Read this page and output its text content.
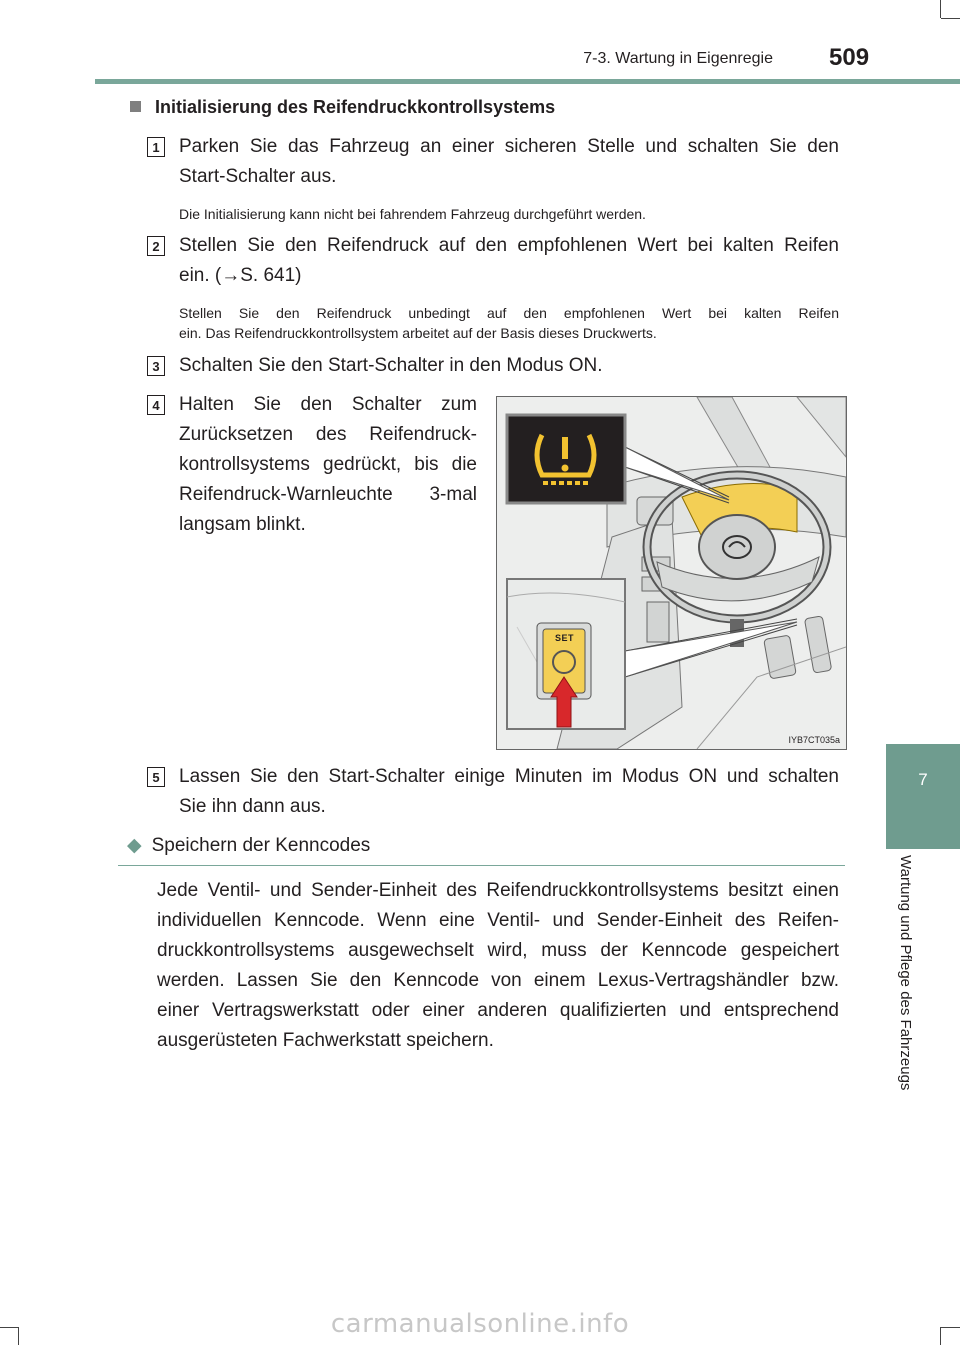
7-3. Wartung in Eigenregie 509
7
Wartung und Pflege des Fahrzeugs
Initialisierung des Reifendruckkontrollsystems
1 Parken Sie das Fahrzeug an einer sicheren Stelle und schalten Sie den
Start-Schalter aus.
Die Initialisierung kann nicht bei fahrendem Fahrzeug durchgeführt werden.
2 Stellen Sie den Reifendruck auf den empfohlenen Wert bei kalten Reifen
ein. (→S. 641)
Stellen Sie den Reifendruck unbedingt auf den empfohlenen Wert bei kalten Reifen
ein. Das Reifendruckkontrollsystem arbeitet auf der Basis dieses Druckwerts.
3 Schalten Sie den Start-Schalter in den Modus ON.
4 Halten Sie den Schalter zum
Zurücksetzen des Reifendruck-
kontrollsystems gedrückt, bis die
Reifendruck-Warnleuchte 3-mal
langsam blinkt.
SET
IYB7CT035a
5 Lassen Sie den Start-Schalter einige Minuten im Modus ON und schalten
Sie ihn dann aus.
◆ Speichern der Kenncodes
Jede Ventil- und Sender-Einheit des Reifendruckkontrollsystems besitzt einen
individuellen Kenncode. Wenn eine Ventil- und Sender-Einheit des Reifen-
druckkontrollsystems ausgewechselt wird, muss der Kenncode gespeichert
werden. Lassen Sie den Kenncode von einem Lexus-Vertragshändler bzw.
einer Vertragswerkstatt oder einer anderen qualifizierten und entsprechend
ausgerüsteten Fachwerkstatt speichern.
carmanualsonline.info
